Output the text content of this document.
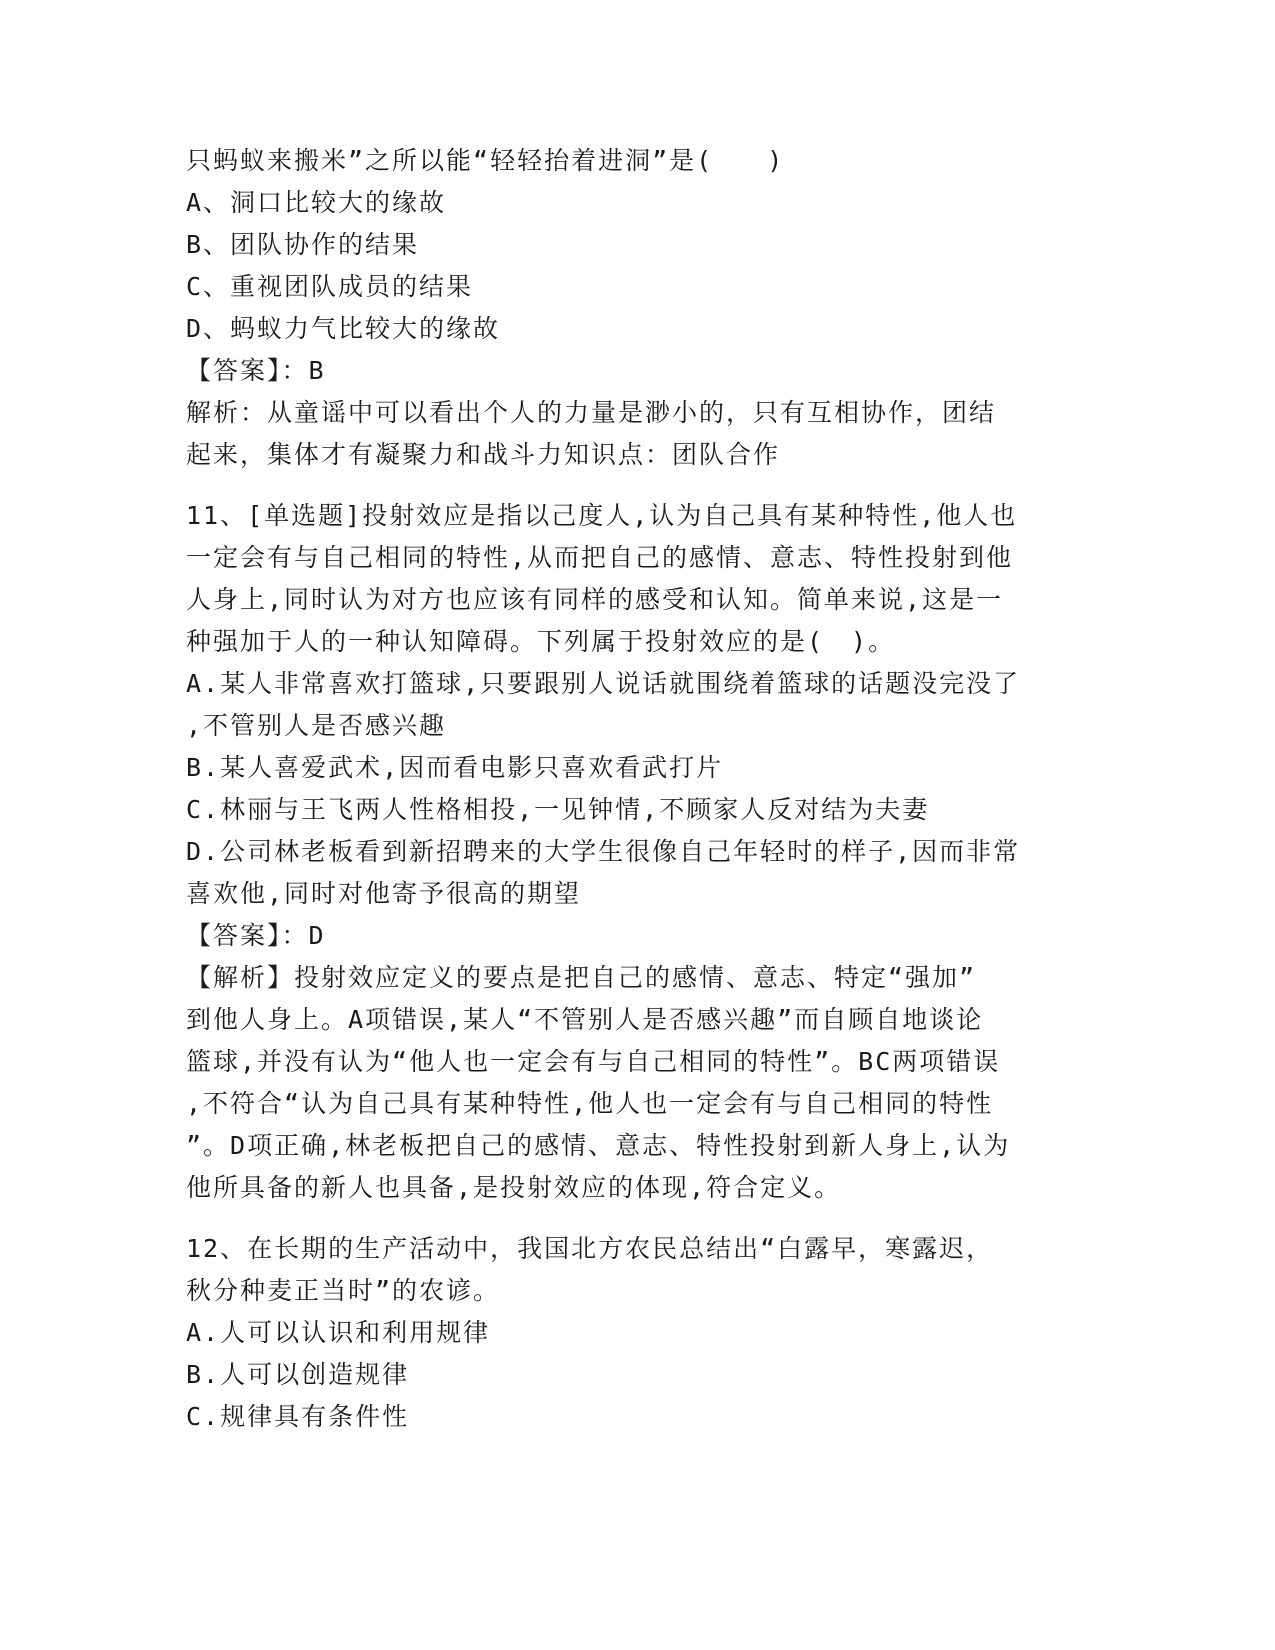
只蚂蚁来搬米”之所以能“轻轻抬着进洞”是(　　)
A、洞口比较大的缘故
B、团队协作的结果
C、重视团队成员的结果
D、蚂蚁力气比较大的缘故
【答案】：B
解析：从童谣中可以看出个人的力量是渺小的，只有互相协作，团结
起来，集体才有凝聚力和战斗力知识点：团队合作
11、[单选题]投射效应是指以己度人,认为自己具有某种特性,他人也
一定会有与自己相同的特性,从而把自己的感情、意志、特性投射到他
人身上,同时认为对方也应该有同样的感受和认知。简单来说,这是一
种强加于人的一种认知障碍。下列属于投射效应的是(　)。
A.某人非常喜欢打篮球,只要跟别人说话就围绕着篮球的话题没完没了
,不管别人是否感兴趣
B.某人喜爱武术,因而看电影只喜欢看武打片
C.林丽与王飞两人性格相投,一见钟情,不顾家人反对结为夫妻
D.公司林老板看到新招聘来的大学生很像自己年轻时的样子,因而非常
喜欢他,同时对他寄予很高的期望
【答案】：D
【解析】投射效应定义的要点是把自己的感情、意志、特定“强加”
到他人身上。A项错误,某人“不管别人是否感兴趣”而自顾自地谈论
篮球,并没有认为“他人也一定会有与自己相同的特性”。BC两项错误
,不符合“认为自己具有某种特性,他人也一定会有与自己相同的特性
”。D项正确,林老板把自己的感情、意志、特性投射到新人身上,认为
他所具备的新人也具备,是投射效应的体现,符合定义。
12、在长期的生产活动中，我国北方农民总结出“白露早，寒露迟，
秋分种麦正当时”的农谚。
A.人可以认识和利用规律
B.人可以创造规律
C.规律具有条件性
